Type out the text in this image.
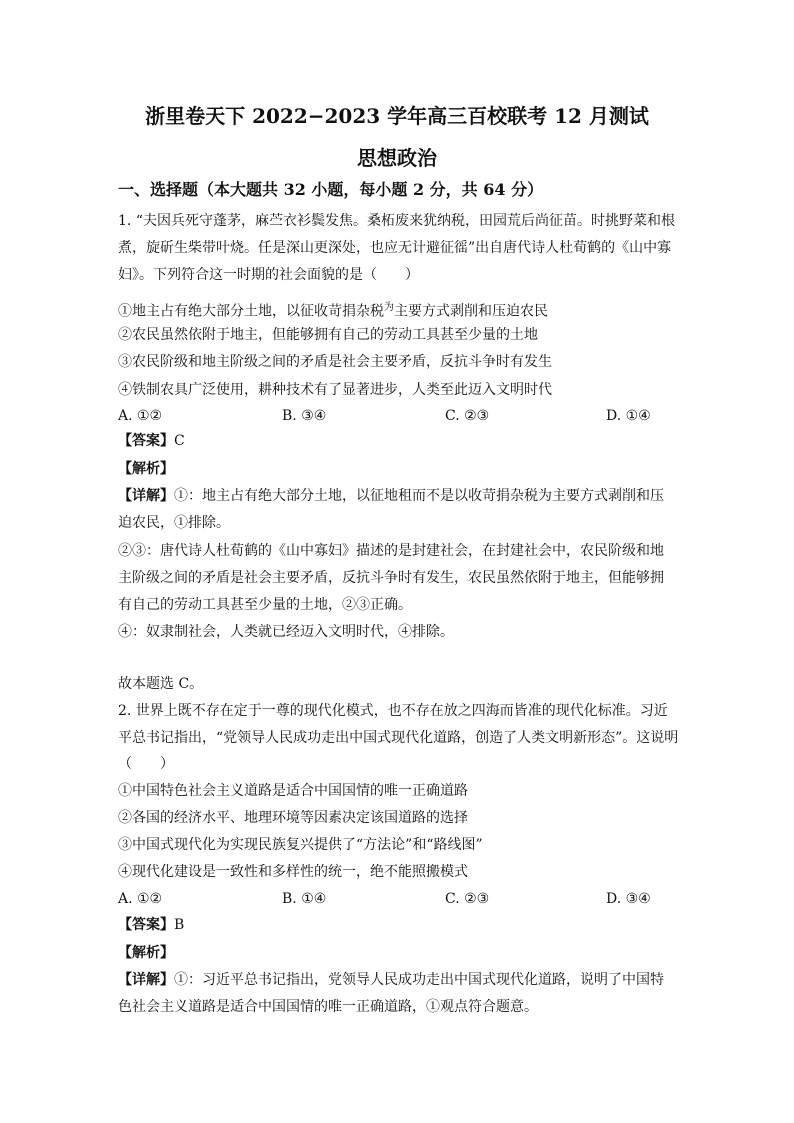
浙里卷天下 2022−2023 学年高三百校联考 12 月测试
思想政治
一、选择题（本大题共 32 小题，每小题 2 分，共 64 分）
1. “夫因兵死守蓬茅，麻苎衣衫鬓发焦。桑柘废来犹纳税，田园荒后尚征苗。时挑野菜和根
煮，旋斫生柴带叶烧。任是深山更深处，也应无计避征徭”出自唐代诗人杜荀鹤的《山中寡
妇》。下列符合这一时期的社会面貌的是（　　）
①地主占有绝大部分土地，以征收苛捐杂税$^为$主要方式剥削和压迫农民
②农民虽然依附于地主，但能够拥有自己的劳动工具甚至少量的土地
③农民阶级和地主阶级之间的矛盾是社会主要矛盾，反抗斗争时有发生
④铁制农具广泛使用，耕种技术有了显著进步，人类至此迈入文明时代
A. ①②	B. ③④	C. ②③	D. ①④
【答案】C
【解析】
【详解】①：地主占有绝大部分土地，以征地租而不是以收苛捐杂税为主要方式剥削和压
迫农民，①排除。
②③：唐代诗人杜荀鹤的《山中寡妇》描述的是封建社会，在封建社会中，农民阶级和地
主阶级之间的矛盾是社会主要矛盾，反抗斗争时有发生，农民虽然依附于地主，但能够拥
有自己的劳动工具甚至少量的土地，②③正确。
④：奴隶制社会，人类就已经迈入文明时代，④排除。
故本题选 C。
2. 世界上既不存在定于一尊的现代化模式，也不存在放之四海而皆准的现代化标准。习近
平总书记指出，“党领导人民成功走出中国式现代化道路，创造了人类文明新形态”。这说明
（　　）
①中国特色社会主义道路是适合中国国情的唯一正确道路
②各国的经济水平、地理环境等因素决定该国道路的选择
③中国式现代化为实现民族复兴提供了“方法论”和“路线图”
④现代化建设是一致性和多样性的统一，绝不能照搬模式
A. ①②	B. ①④	C. ②③	D. ③④
【答案】B
【解析】
【详解】①：习近平总书记指出，党领导人民成功走出中国式现代化道路，说明了中国特
色社会主义道路是适合中国国情的唯一正确道路，①观点符合题意。
